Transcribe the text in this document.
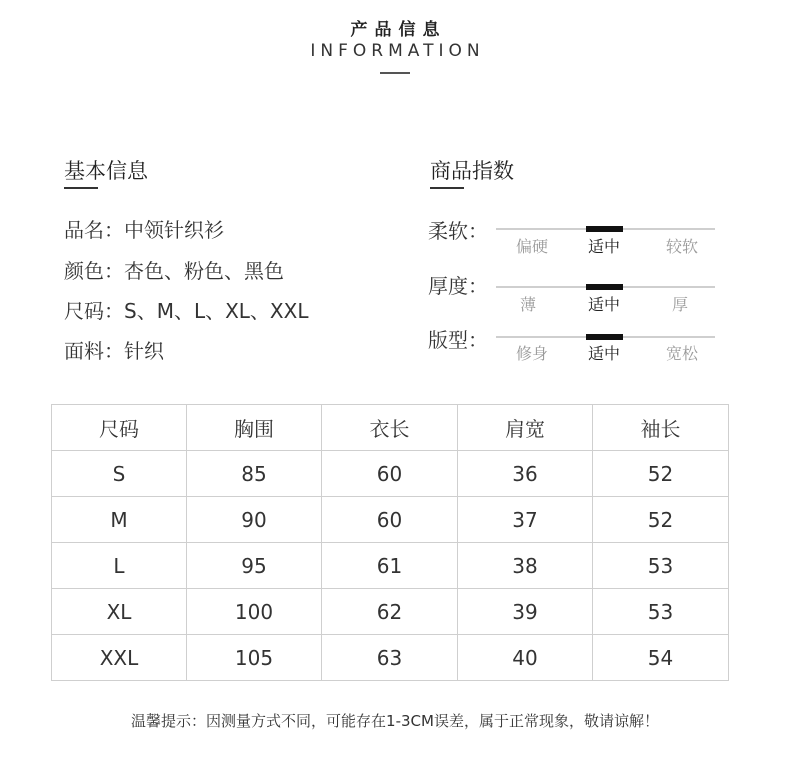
产品信息
INFORMATION
基本信息
品名：中领针织衫
颜色：杏色、粉色、黑色
尺码：S、M、L、XL、XXL
面料：针织
商品指数
柔软：
偏硬	适中	较软
厚度：
薄	适中	厚
版型：
修身	适中	宽松
尺码	胸围	衣长	肩宽	袖长
S	85	60	36	52
M	90	60	37	52
L	95	61	38	53
XL	100	62	39	53
XXL	105	63	40	54
温馨提示：因测量方式不同，可能存在1-3CM误差，属于正常现象，敬请谅解！
